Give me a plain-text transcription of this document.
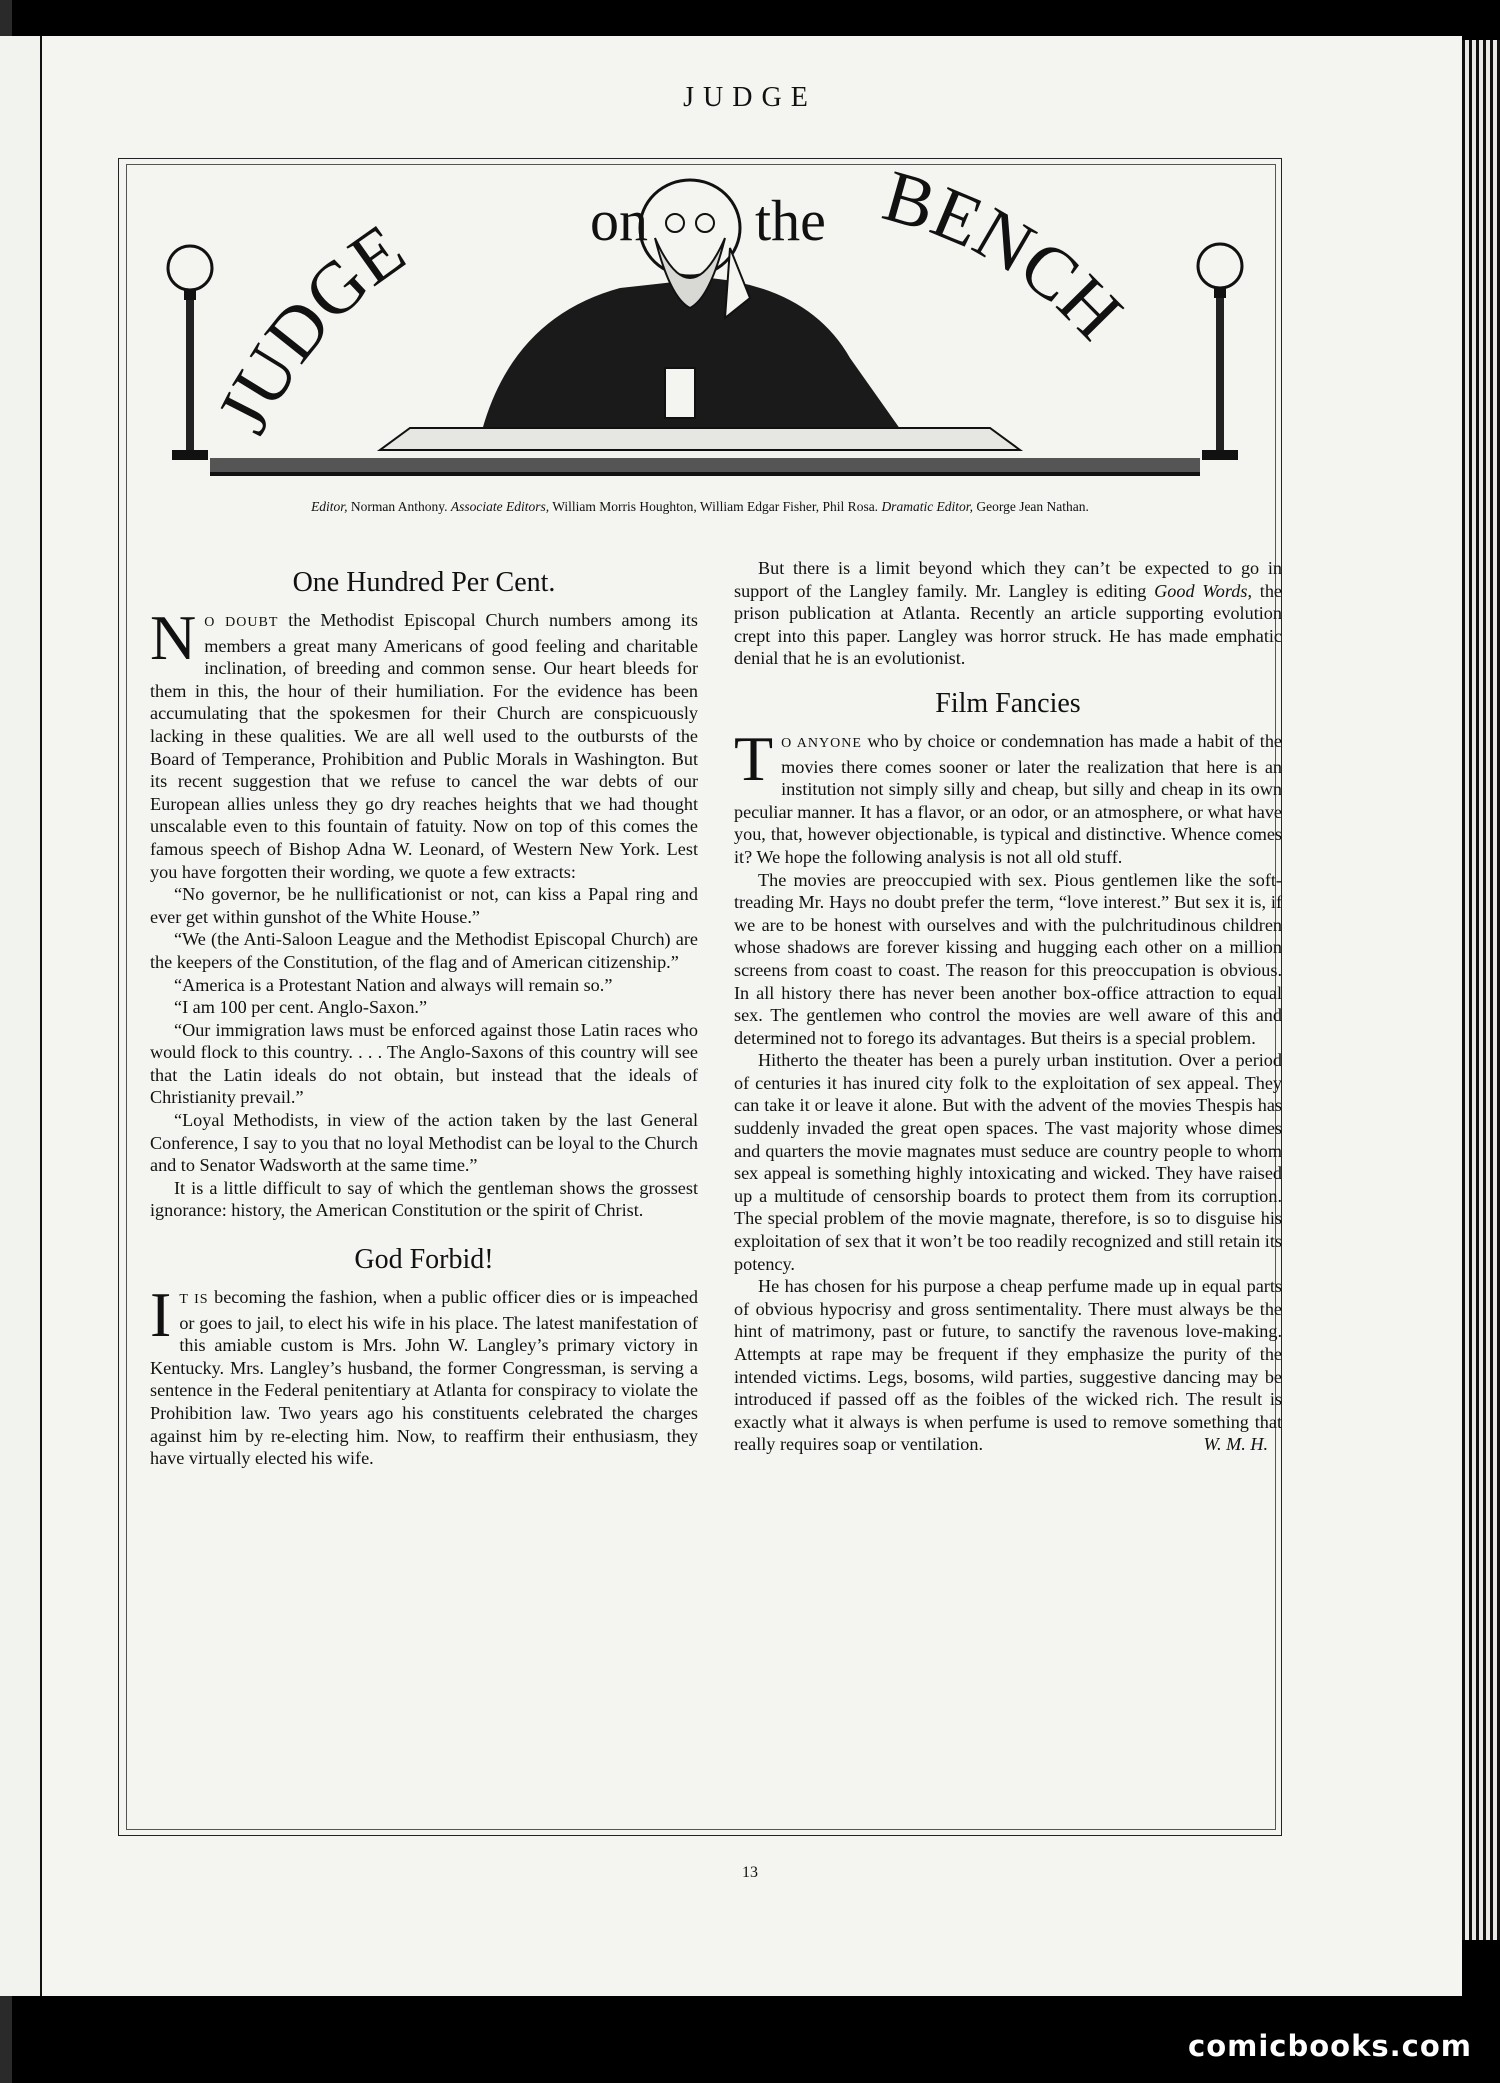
JUDGE
JUDGE	on the BENCH
Editor, Norman Anthony. Associate Editors, William Morris Houghton, William Edgar Fisher, Phil Rosa. Dramatic Editor, George Jean Nathan.
One Hundred Per Cent.

N O DOUBT the Methodist Episcopal Church numbers among its members a great many Americans of good feeling and charitable inclination, of breeding and common sense. Our heart bleeds for them in this, the hour of their humiliation. For the evidence has been accumulating that the spokesmen for their Church are conspicuously lacking in these qualities. We are all well used to the outbursts of the Board of Temperance, Prohibition and Public Morals in Washington. But its recent suggestion that we refuse to cancel the war debts of our European allies unless they go dry reaches heights that we had thought unscalable even to this fountain of fatuity. Now on top of this comes the famous speech of Bishop Adna W. Leonard, of Western New York. Lest you have forgotten their wording, we quote a few extracts:

“No governor, be he nullificationist or not, can kiss a Papal ring and ever get within gunshot of the White House.”

“We (the Anti-Saloon League and the Methodist Episcopal Church) are the keepers of the Constitution, of the flag and of American citizenship.”

“America is a Protestant Nation and always will remain so.”

“I am 100 per cent. Anglo-Saxon.”

“Our immigration laws must be enforced against those Latin races who would flock to this country. . . . The Anglo-Saxons of this country will see that the Latin ideals do not obtain, but instead that the ideals of Christianity prevail.”

“Loyal Methodists, in view of the action taken by the last General Conference, I say to you that no loyal Methodist can be loyal to the Church and to Senator Wadsworth at the same time.”

It is a little difficult to say of which the gentleman shows the grossest ignorance: history, the American Constitution or the spirit of Christ.

God Forbid!

I T IS becoming the fashion, when a public officer dies or is impeached or goes to jail, to elect his wife in his place. The latest manifestation of this amiable custom is Mrs. John W. Langley’s primary victory in Kentucky. Mrs. Langley’s husband, the former Congressman, is serving a sentence in the Federal penitentiary at Atlanta for conspiracy to violate the Prohibition law. Two years ago his constituents celebrated the charges against him by re-electing him. Now, to reaffirm their enthusiasm, they have virtually elected his wife.

But there is a limit beyond which they can’t be expected to go in support of the Langley family. Mr. Langley is editing Good Words, the prison publication at Atlanta. Recently an article supporting evolution crept into this paper. Langley was horror struck. He has made emphatic denial that he is an evolutionist.

Film Fancies

T O ANYONE who by choice or condemnation has made a habit of the movies there comes sooner or later the realization that here is an institution not simply silly and cheap, but silly and cheap in its own peculiar manner. It has a flavor, or an odor, or an atmosphere, or what have you, that, however objectionable, is typical and distinctive. Whence comes it? We hope the following analysis is not all old stuff.

The movies are preoccupied with sex. Pious gentlemen like the soft-treading Mr. Hays no doubt prefer the term, “love interest.” But sex it is, if we are to be honest with ourselves and with the pulchritudinous children whose shadows are forever kissing and hugging each other on a million screens from coast to coast. The reason for this preoccupation is obvious. In all history there has never been another box-office attraction to equal sex. The gentlemen who control the movies are well aware of this and determined not to forego its advantages. But theirs is a special problem.

Hitherto the theater has been a purely urban institution. Over a period of centuries it has inured city folk to the exploitation of sex appeal. They can take it or leave it alone. But with the advent of the movies Thespis has suddenly invaded the great open spaces. The vast majority whose dimes and quarters the movie magnates must seduce are country people to whom sex appeal is something highly intoxicating and wicked. They have raised up a multitude of censorship boards to protect them from its corruption. The special problem of the movie magnate, therefore, is so to disguise his exploitation of sex that it won’t be too readily recognized and still retain its potency.

He has chosen for his purpose a cheap perfume made up in equal parts of obvious hypocrisy and gross sentimentality. There must always be the hint of matrimony, past or future, to sanctify the ravenous love-making. Attempts at rape may be frequent if they emphasize the purity of the intended victims. Legs, bosoms, wild parties, suggestive dancing may be introduced if passed off as the foibles of the wicked rich. The result is exactly what it always is when perfume is used to remove something that really requires soap or ventilation.	W. M. H.

13
comicbooks.com
